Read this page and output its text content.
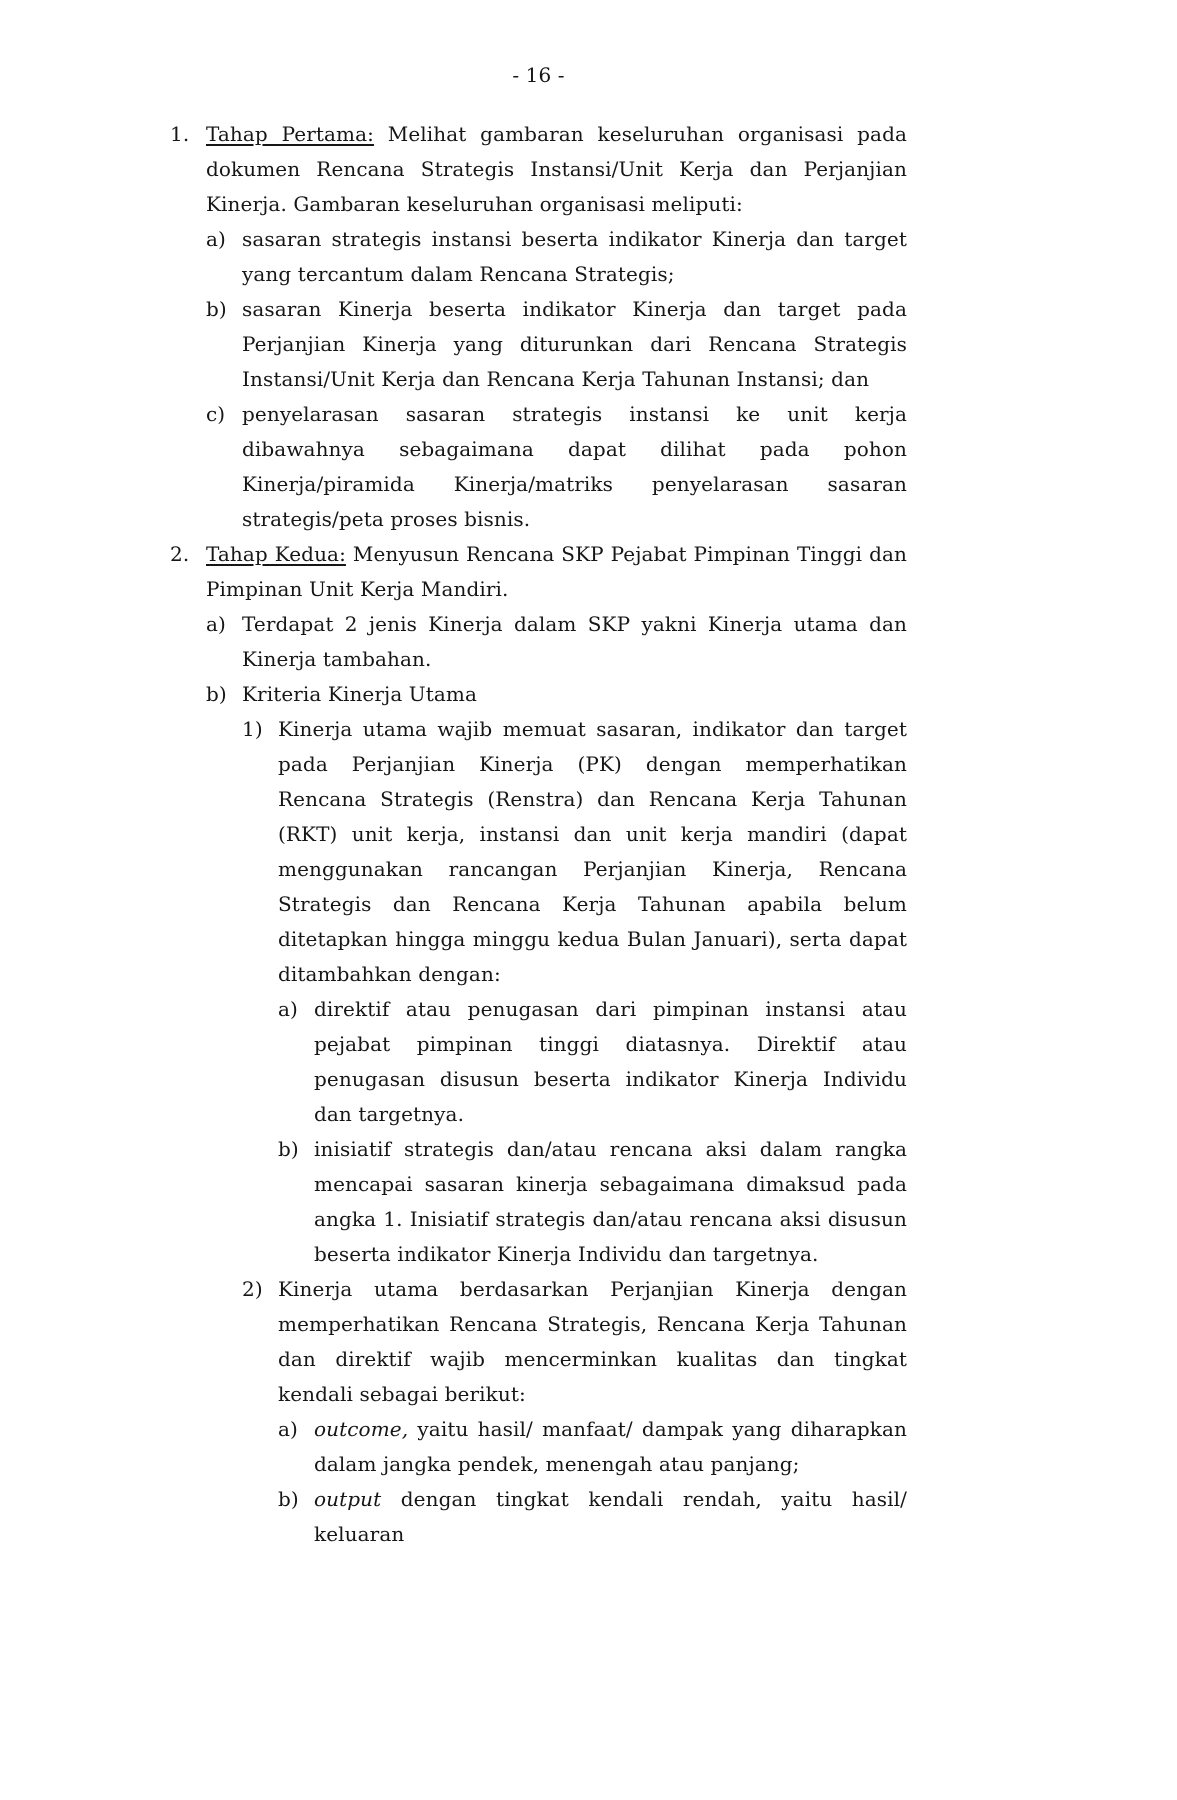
- 16 -
1. Tahap Pertama: Melihat gambaran keseluruhan organisasi pada dokumen Rencana Strategis Instansi/Unit Kerja dan Perjanjian Kinerja. Gambaran keseluruhan organisasi meliputi:

a) sasaran strategis instansi beserta indikator Kinerja dan target yang tercantum dalam Rencana Strategis;

b) sasaran Kinerja beserta indikator Kinerja dan target pada Perjanjian Kinerja yang diturunkan dari Rencana Strategis Instansi/Unit Kerja dan Rencana Kerja Tahunan Instansi; dan

c) penyelarasan sasaran strategis instansi ke unit kerja dibawahnya sebagaimana dapat dilihat pada pohon Kinerja/piramida Kinerja/matriks penyelarasan sasaran strategis/peta proses bisnis.

2. Tahap Kedua: Menyusun Rencana SKP Pejabat Pimpinan Tinggi dan Pimpinan Unit Kerja Mandiri.

a) Terdapat 2 jenis Kinerja dalam SKP yakni Kinerja utama dan Kinerja tambahan.

b) Kriteria Kinerja Utama

1) Kinerja utama wajib memuat sasaran, indikator dan target pada Perjanjian Kinerja (PK) dengan memperhatikan Rencana Strategis (Renstra) dan Rencana Kerja Tahunan (RKT) unit kerja, instansi dan unit kerja mandiri (dapat menggunakan rancangan Perjanjian Kinerja, Rencana Strategis dan Rencana Kerja Tahunan apabila belum ditetapkan hingga minggu kedua Bulan Januari), serta dapat ditambahkan dengan:

a) direktif atau penugasan dari pimpinan instansi atau pejabat pimpinan tinggi diatasnya. Direktif atau penugasan disusun beserta indikator Kinerja Individu dan targetnya.

b) inisiatif strategis dan/atau rencana aksi dalam rangka mencapai sasaran kinerja sebagaimana dimaksud pada angka 1. Inisiatif strategis dan/atau rencana aksi disusun beserta indikator Kinerja Individu dan targetnya.

2) Kinerja utama berdasarkan Perjanjian Kinerja dengan memperhatikan Rencana Strategis, Rencana Kerja Tahunan dan direktif wajib mencerminkan kualitas dan tingkat kendali sebagai berikut:

a) outcome, yaitu hasil/ manfaat/ dampak yang diharapkan dalam jangka pendek, menengah atau panjang;

b) output dengan tingkat kendali rendah, yaitu hasil/ keluaran
